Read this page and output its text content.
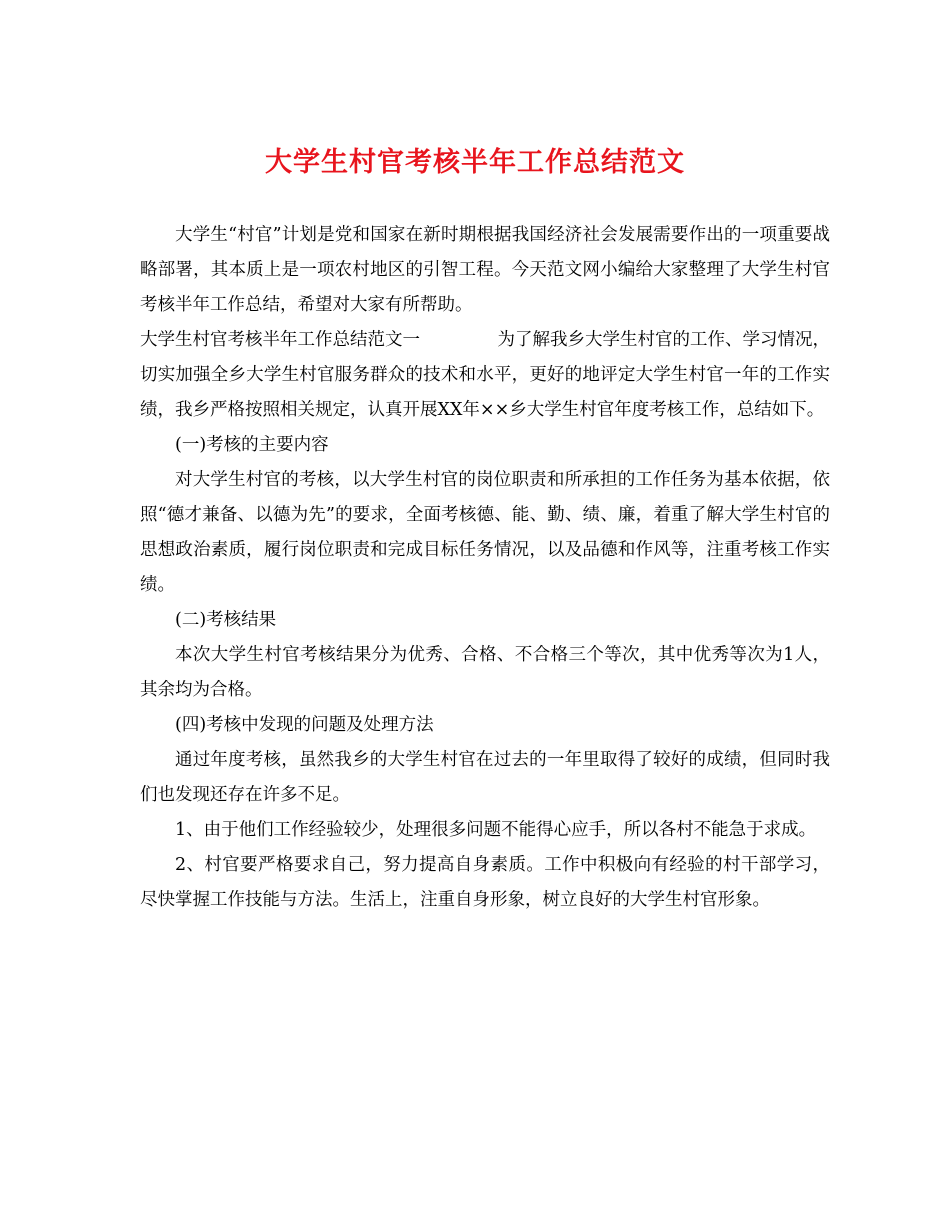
大学生村官考核半年工作总结范文

大学生“村官”计划是党和国家在新时期根据我国经济社会发展需要作出的一项重要战略部署，其本质上是一项农村地区的引智工程。今天范文网小编给大家整理了大学生村官考核半年工作总结，希望对大家有所帮助。

大学生村官考核半年工作总结范文一	为了解我乡大学生村官的工作、学习情况，

切实加强全乡大学生村官服务群众的技术和水平，更好的地评定大学生村官一年的工作实绩，我乡严格按照相关规定，认真开展XX年××乡大学生村官年度考核工作，总结如下。

(一)考核的主要内容

对大学生村官的考核，以大学生村官的岗位职责和所承担的工作任务为基本依据，依照“德才兼备、以德为先”的要求，全面考核德、能、勤、绩、廉，着重了解大学生村官的思想政治素质，履行岗位职责和完成目标任务情况，以及品德和作风等，注重考核工作实绩。

(二)考核结果

本次大学生村官考核结果分为优秀、合格、不合格三个等次，其中优秀等次为1人，其余均为合格。

(四)考核中发现的问题及处理方法

通过年度考核，虽然我乡的大学生村官在过去的一年里取得了较好的成绩，但同时我们也发现还存在许多不足。

1、由于他们工作经验较少，处理很多问题不能得心应手，所以各村不能急于求成。

2、村官要严格要求自己，努力提高自身素质。工作中积极向有经验的村干部学习，尽快掌握工作技能与方法。生活上，注重自身形象，树立良好的大学生村官形象。
